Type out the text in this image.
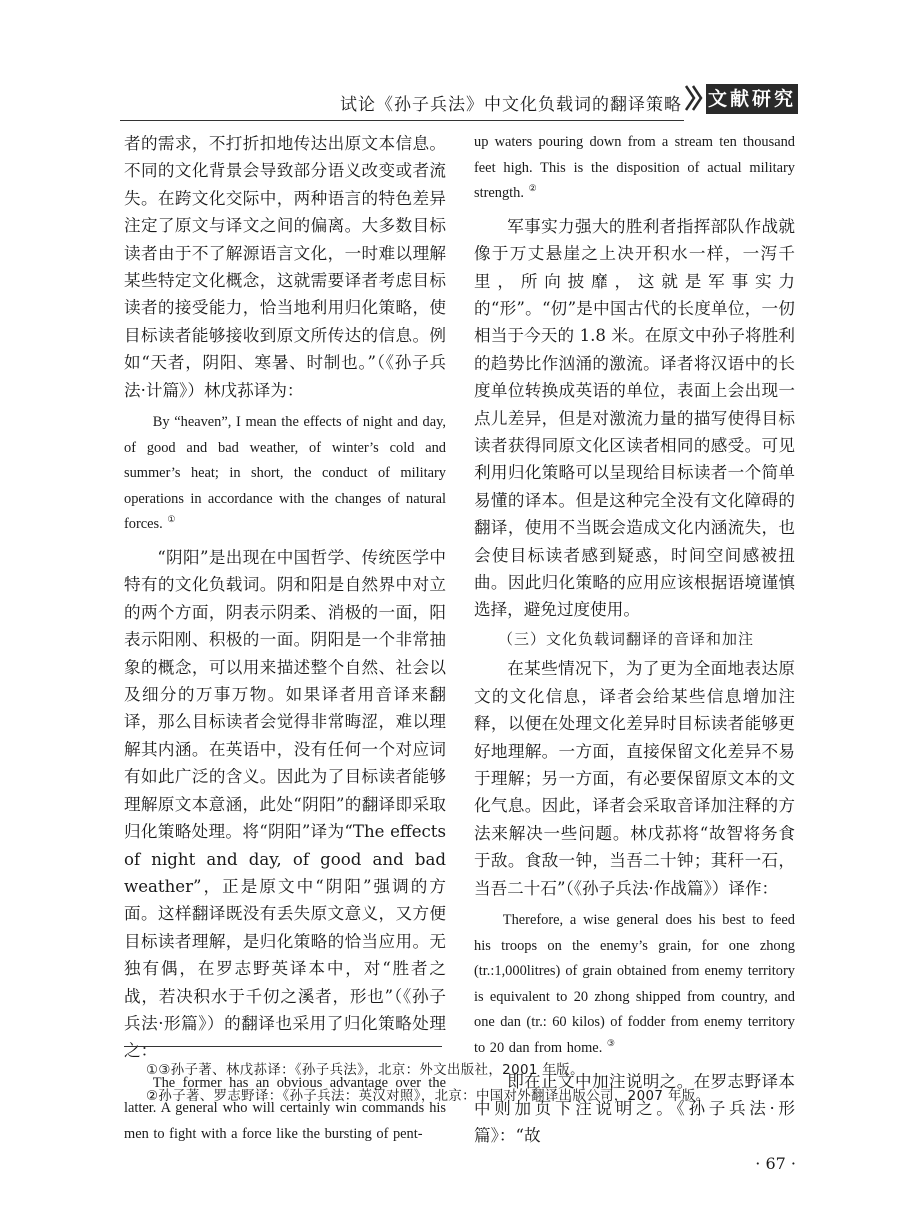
试论《孙子兵法》中文化负载词的翻译策略 文献研究

者的需求，不打折扣地传达出原文本信息。不同的文化背景会导致部分语义改变或者流失。在跨文化交际中，两种语言的特色差异注定了原文与译文之间的偏离。大多数目标读者由于不了解源语言文化，一时难以理解某些特定文化概念，这就需要译者考虑目标读者的接受能力，恰当地利用归化策略，使目标读者能够接收到原文所传达的信息。例如“天者，阴阳、寒暑、时制也。”（《孙子兵法·计篇》）林戊荪译为：

By “heaven”, I mean the effects of night and day, of good and bad weather, of winter’s cold and summer’s heat; in short, the conduct of military operations in accordance with the changes of natural forces. ①

“阴阳”是出现在中国哲学、传统医学中特有的文化负载词。阴和阳是自然界中对立的两个方面，阴表示阴柔、消极的一面，阳表示阳刚、积极的一面。阴阳是一个非常抽象的概念，可以用来描述整个自然、社会以及细分的万事万物。如果译者用音译来翻译，那么目标读者会觉得非常晦涩，难以理解其内涵。在英语中，没有任何一个对应词有如此广泛的含义。因此为了目标读者能够理解原文本意涵，此处“阴阳”的翻译即采取归化策略处理。将“阴阳”译为“The effects of night and day, of good and bad weather”，正是原文中“阴阳”强调的方面。这样翻译既没有丢失原文意义，又方便目标读者理解，是归化策略的恰当应用。无独有偶，在罗志野英译本中，对“胜者之战，若决积水于千仞之溪者，形也”（《孙子兵法·形篇》）的翻译也采用了归化策略处理之：

The former has an obvious advantage over the latter. A general who will certainly win commands his men to fight with a force like the bursting of pent-

up waters pouring down from a stream ten thousand feet high. This is the disposition of actual military strength. ②

军事实力强大的胜利者指挥部队作战就像于万丈悬崖之上决开积水一样，一泻千里，所向披靡，这就是军事实力的“形”。“仞”是中国古代的长度单位，一仞相当于今天的 1.8 米。在原文中孙子将胜利的趋势比作汹涌的激流。译者将汉语中的长度单位转换成英语的单位，表面上会出现一点儿差异，但是对激流力量的描写使得目标读者获得同原文化区读者相同的感受。可见利用归化策略可以呈现给目标读者一个简单易懂的译本。但是这种完全没有文化障碍的翻译，使用不当既会造成文化内涵流失，也会使目标读者感到疑惑，时间空间感被扭曲。因此归化策略的应用应该根据语境谨慎选择，避免过度使用。

（三）文化负载词翻译的音译和加注

在某些情况下，为了更为全面地表达原文的文化信息，译者会给某些信息增加注释，以便在处理文化差异时目标读者能够更好地理解。一方面，直接保留文化差异不易于理解；另一方面，有必要保留原文本的文化气息。因此，译者会采取音译加注释的方法来解决一些问题。林戊荪将“故智将务食于敌。食敌一钟，当吾二十钟；萁秆一石，当吾二十石”（《孙子兵法·作战篇》）译作：

Therefore, a wise general does his best to feed his troops on the enemy’s grain, for one zhong (tr.:1,000litres) of grain obtained from enemy territory is equivalent to 20 zhong shipped from country, and one dan (tr.: 60 kilos) of fodder from enemy territory to 20 dan from home. ③

即在正文中加注说明之。在罗志野译本中则加页下注说明之。《孙子兵法·形篇》：“故

①③孙子著、林戊荪译：《孙子兵法》，北京：外文出版社，2001 年版。
②孙子著、罗志野译：《孙子兵法：英汉对照》，北京：中国对外翻译出版公司，2007 年版。
· 67 ·
